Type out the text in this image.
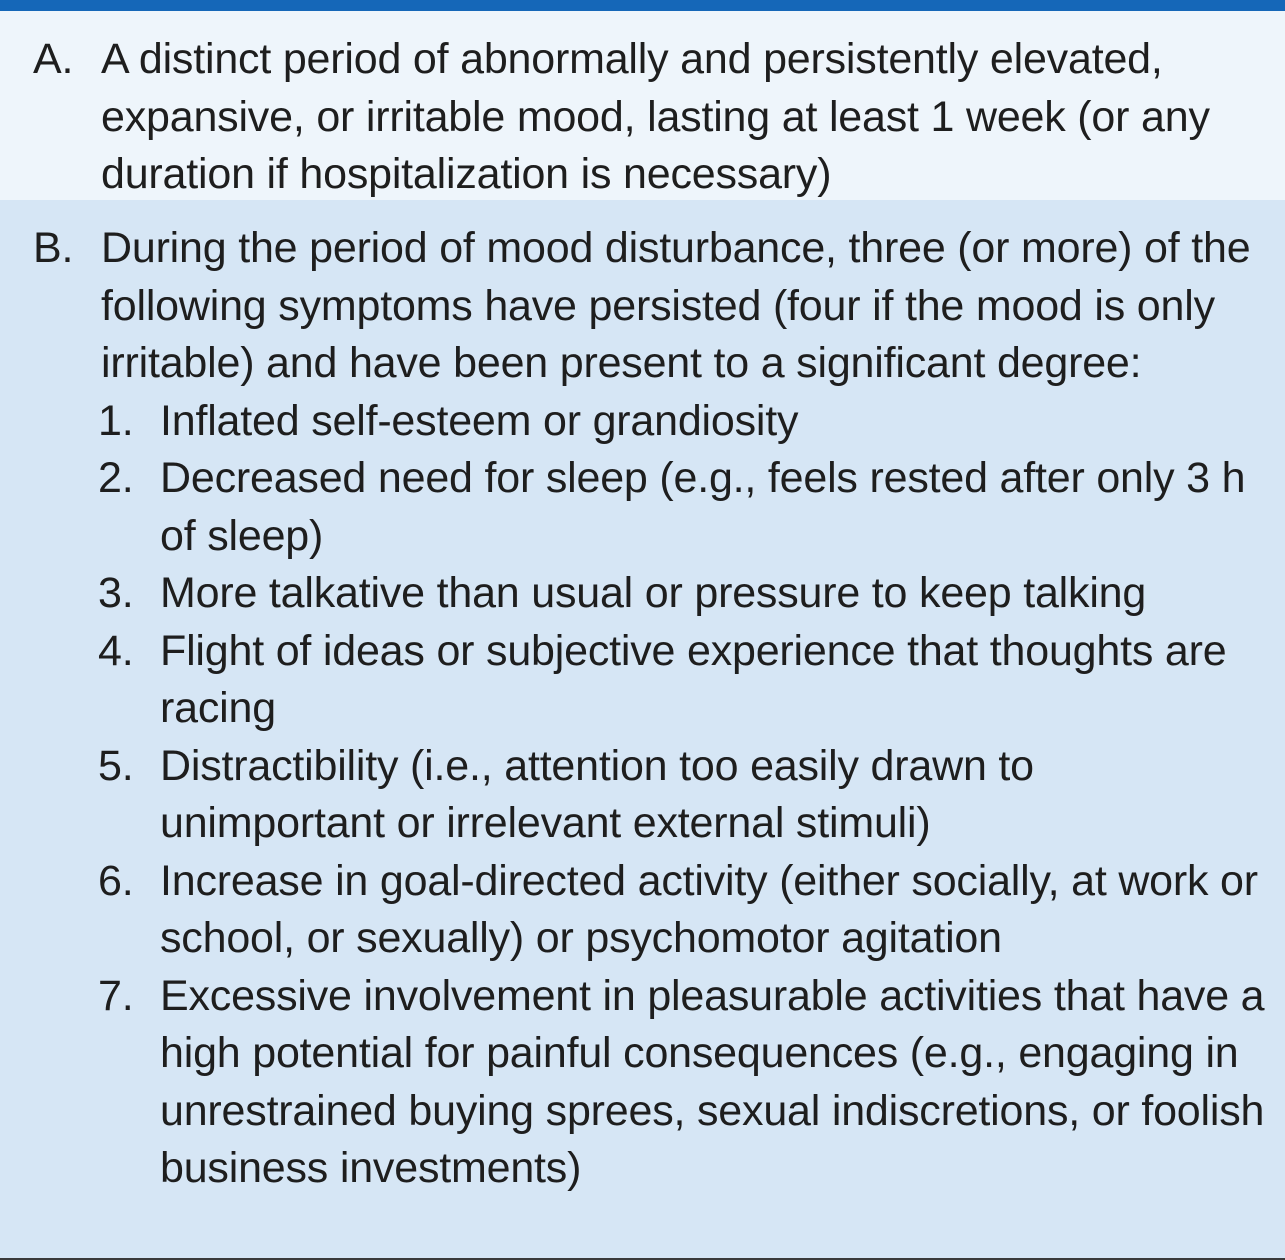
A. A distinct period of abnormally and persistently elevated, expansive, or irritable mood, lasting at least 1 week (or any duration if hospitalization is necessary)
B. During the period of mood disturbance, three (or more) of the following symptoms have persisted (four if the mood is only irritable) and have been present to a significant degree:
1. Inflated self-esteem or grandiosity
2. Decreased need for sleep (e.g., feels rested after only 3 h of sleep)
3. More talkative than usual or pressure to keep talking
4. Flight of ideas or subjective experience that thoughts are racing
5. Distractibility (i.e., attention too easily drawn to unimportant or irrelevant external stimuli)
6. Increase in goal-directed activity (either socially, at work or school, or sexually) or psychomotor agitation
7. Excessive involvement in pleasurable activities that have a high potential for painful consequences (e.g., engaging in unrestrained buying sprees, sexual indiscretions, or foolish business investments)
